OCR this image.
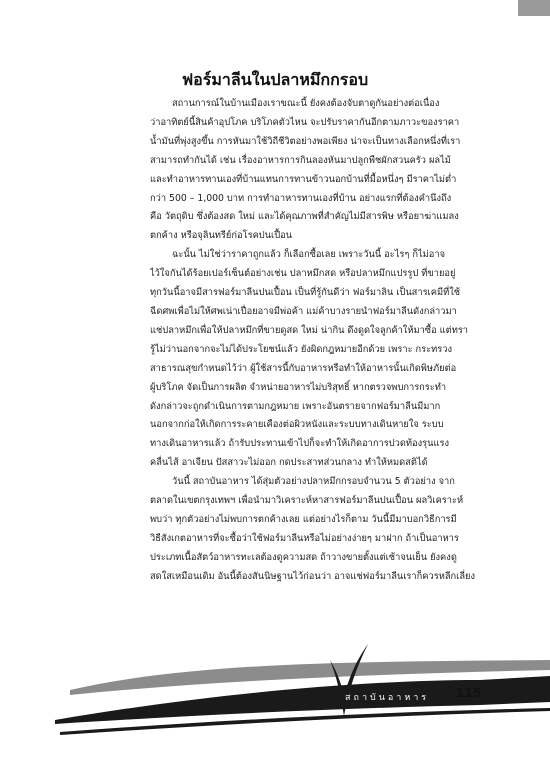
ฟอร์มาลีนในปลาหมึกกรอบ

สถานการณ์ในบ้านเมืองเราขณะนี้ ยังคงต้องจับตาดูกันอย่างต่อเนื่อง
ว่าอาทิตย์นี้สินค้าอุปโภค บริโภคตัวไหน จะปรับราคากันอีกตามภาวะของราคา
น้ำมันที่พุ่งสูงขึ้น การหันมาใช้วิถีชีวิตอย่างพอเพียง น่าจะเป็นทางเลือกหนึ่งที่เรา
สามารถทำกันได้ เช่น เรื่องอาหารการกินลองหันมาปลูกพืชผักสวนครัว ผลไม้
และทำอาหารทานเองที่บ้านแทนการทานข้าวนอกบ้านที่มื้อหนึ่งๆ มีราคาไม่ต่ำ
กว่า 500 – 1,000 บาท การทำอาหารทานเองที่บ้าน อย่างแรกที่ต้องคำนึงถึง
คือ วัตถุดิบ ซึ่งต้องสด ใหม่ และได้คุณภาพที่สำคัญไม่มีสารพิษ หรือยาฆ่าแมลง
ตกค้าง หรือจุลินทรีย์ก่อโรคปนเปื้อน

ฉะนั้น ไม่ใช่ว่าราคาถูกแล้ว ก็เลือกซื้อเลย เพราะวันนี้ อะไรๆ ก็ไม่อาจ
ไว้ใจกันได้ร้อยเปอร์เซ็นต์อย่างเช่น ปลาหมึกสด หรือปลาหมึกแปรรูป ที่ขายอยู่
ทุกวันนี้อาจมีสารฟอร์มาลีนปนเปื้อน เป็นที่รู้กันดีว่า ฟอร์มาลิน เป็นสารเคมีที่ใช้
ฉีดศพเพื่อไม่ให้ศพเน่าเปื่อยอาจมีพ่อค้า แม่ค้าบางรายนำฟอร์มาลีนดังกล่าวมา
แช่ปลาหมึกเพื่อให้ปลาหมึกที่ขายดูสด ใหม่ น่ากิน ดึงดูดใจลูกค้าให้มาซื้อ แต่ทรา
รู้ไม่ว่านอกจากจะไม่ได้ประโยชน์แล้ว ยังผิดกฎหมายอีกด้วย เพราะ กระทรวง
สาธารณสุขกำหนดไว้ว่า ผู้ใช้สารนี้กับอาหารหรือทำให้อาหารนั้นเกิดพิษภัยต่อ
ผู้บริโภค จัดเป็นการผลิต จำหน่ายอาหารไม่บริสุทธิ์ หากตรวจพบการกระทำ
ดังกล่าวจะถูกดำเนินการตามกฎหมาย เพราะอันตรายจากฟอร์มาลีนมีมาก
นอกจากก่อให้เกิดการระคายเคืองต่อผิวหนังและระบบทางเดินหายใจ ระบบ
ทางเดินอาหารแล้ว ถ้ารับประทานเข้าไปก็จะทำให้เกิดอาการปวดท้องรุนแรง
คลื่นไส้ อาเจียน ปัสสาวะไม่ออก กดประสาทส่วนกลาง ทำให้หมดสติได้

วันนี้ สถาบันอาหาร ได้สุ่มตัวอย่างปลาหมึกกรอบจำนวน 5 ตัวอย่าง จาก
ตลาดในเขตกรุงเทพฯ เพื่อนำมาวิเคราะห์หาสารฟอร์มาลีนปนเปื้อน ผลวิเคราะห์
พบว่า ทุกตัวอย่างไม่พบการตกค้างเลย แต่อย่างไรก็ตาม วันนี้มีมาบอกวิธีการมี
วิธีสังเกตอาหารที่จะซื้อว่าใช้ฟอร์มาลีนหรือไม่อย่างง่ายๆ มาฝาก ถ้าเป็นอาหาร
ประเภทเนื้อสัตว์อาหารทะเลต้องดูความสด ถ้าวางขายตั้งแต่เช้าจนเย็น ยังคงดู
สดใสเหมือนเดิม อันนี้ต้องสันนิษฐานไว้ก่อนว่า อาจแช่ฟอร์มาลีนเราก็ควรหลีกเลี่ยง

สถาบันอาหาร 115
